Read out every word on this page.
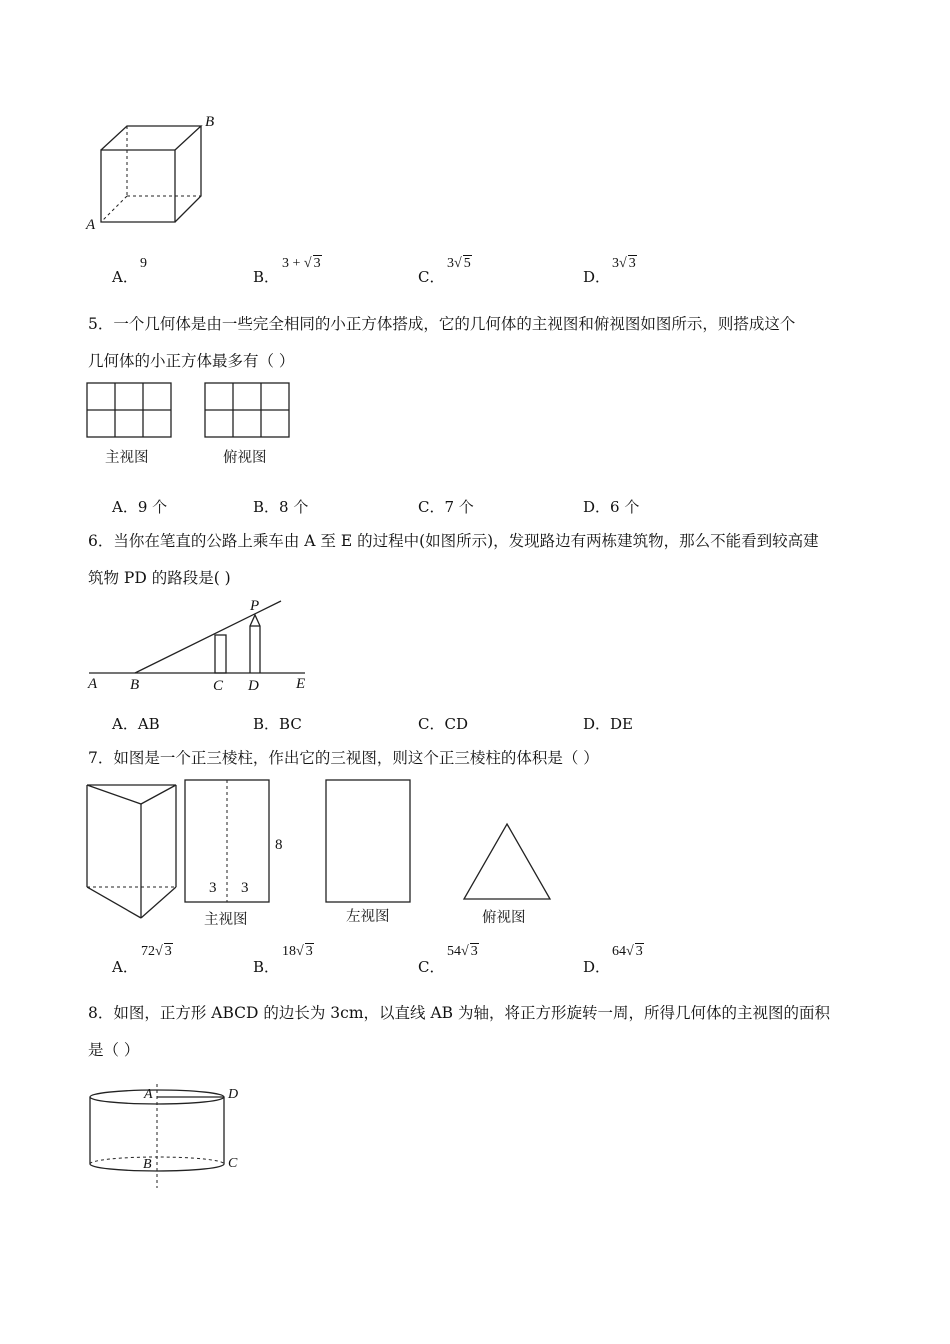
A
B
A．
9
B．
3 + √ 3
C．
3√ 5
D．
3√ 3
5．一个几何体是由一些完全相同的小正方体搭成，它的几何体的主视图和俯视图如图所示，则搭成这个
几何体的小正方体最多有（ ）
主视图	俯视图
A．9 个	B．8 个	C．7 个	D．6 个
6．当你在笔直的公路上乘车由 A 至 E 的过程中(如图所示)，发现路边有两栋建筑物，那么不能看到较高建
筑物 PD 的路段是( )
A B	C D E
P
A．AB	B．BC	C．CD	D．DE
7．如图是一个正三棱柱，作出它的三视图，则这个正三棱柱的体积是（ ）
8
3 3
主视图	左视图	俯视图
A．
72√ 3
B．
18√ 3
C．
54√ 3
D．
64√ 3
8．如图，正方形 ABCD 的边长为 3cm，以直线 AB 为轴，将正方形旋转一周，所得几何体的主视图的面积
是（ ）
A	D
B	C
